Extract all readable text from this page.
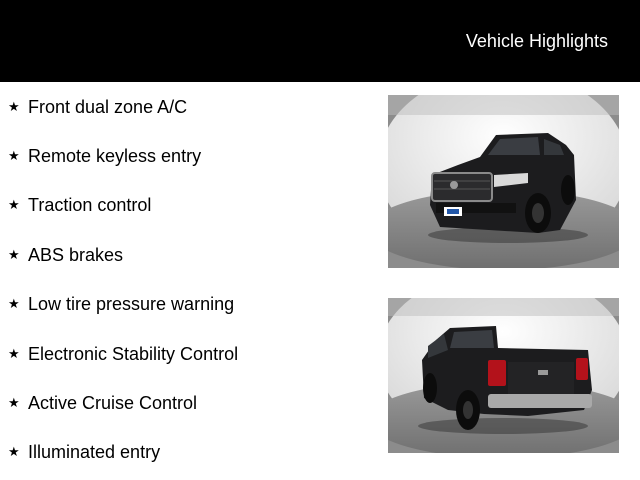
Vehicle Highlights
★ Front dual zone A/C
★ Remote keyless entry
★ Traction control
★ ABS brakes
★ Low tire pressure warning
★ Electronic Stability Control
★ Active Cruise Control
★ Illuminated entry
